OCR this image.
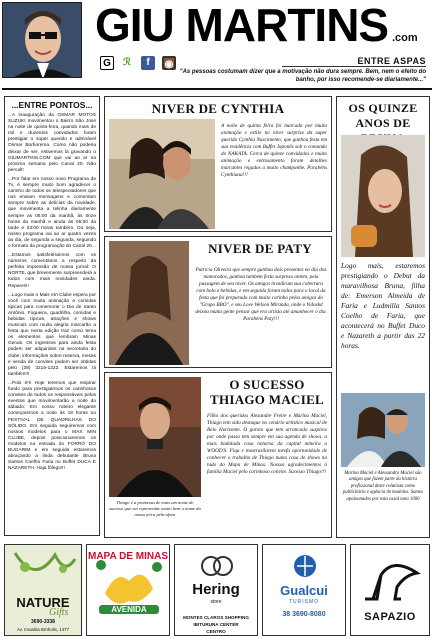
GIU MARTINS .com
G	ℛ	f	◉	ENTRE ASPAS
"As pessoas costumam dizer que a motivação não dura sempre. Bem, nem o efeito do banho, por isso recomende-se diariamente..."
...ENTRE PONTOS...

...A inauguração da OSMAR MOTOS SUZUKI movimentou o Bairro São José na noite de quinta-feira, quando mais de mil e duzentos convidados foram prestigiar o super querido e admirável Osmar Borborema. Como não poderia deixar de ser, estivemos lá gravando o GIUMARTINS.COM que vai ao ar na próxima semana pelo Canal 20. Não percal!!

...Por falar em nosso novo Programa de Tv, é sempre muito bom agradecer o carinho de todos os telespectadores que nos enviam mensagens e comentam sempre sobre as delícias da novidade, que movimenta a telinha diariamente sempre as 05:00 da manhã, às 0nze horas da manhã e ainda às 05:00 da tarde e 23:00 horas também. Ou seja, nosso programa vai ao ar quatro vezes ao dia, de segunda a segunda, seguindo o formato da programação do Canal 20...

...Estamos satisfeitíssimos com os números comentários a respeito da perfeita impressão de nossa jornal: O NORTE, que brevemente surpreenderá a todos com mais novidades ainda. Reparei!!!

...Logo mais o Mais em Clube espera por você com muita animação e comidas típicas para comemorar o Dia de Santo Antônio. Fogueira, quadrilha, comidas e bebidas típicas, atrações e shows musicais com muita alegria marcarão a festa que nesta edição traz como tema os elementos que lembram Minas Gerais. Os ingressos para ainda festa podem ser adquiridos na secretaria do clube; informações sobre reserva, mesas e venda de convites podem ser obtidas pelo (38) 3215-1222. Estaremos lá também!!!

...Pois é!!! Hoje teremos que respirar fundo para prestigiarmos os carinhosos convites de todos os responsáveis pelos eventos que movimentarão a noite do sábado: Em nosso roteiro elegante começaremos a noite às 18 horas no FESTIVAL DE QUADRILHAS DO SÓLIDO. Em seguida seguiremos com nossos modelos para o MAX MIN CLUBE, depois posicionaremos os modelos na entrada do FORRÓ DO BUGARIM e em seguida estaremos abraçando a linda debutante Bruna Santos Coelho Faria no Buffet DUCA E NAZARETH. Haja fôlego!!!

NIVER DE CYNTHIA
A noite de quinta feira foi marcada por muita animação e estilo no niver surprise da super querida Cynthia Nascimento, que ganhou festa em sua residência com Buffet Japonês sob o comando do NAKATA. Cerca de quinze convidados e muita animação e entrosamento foram detalhes marcantes regados a muito champanhe. Parabéns Cynthiaaa!!!
NIVER DE PATY
Patrícia Oliveira que sempre ganhou dois presentes no dia dos namorados, ganhou também festa surpresa ontem, pela passagem de seu niver. Os amigos invadiram sua cobertura com bolo e bebidas, e em seguida foram todos para o local da festa que foi preparado com muito carinho pelos amigos do "Grupo BBO", e seu Love Welson Miranda, onde o Yidoskd deixou muita gente pensar que era artista até amanhecer o dia. Parabéns Paty!!!
Thiago é a promessa de mais um nome de sucesso que vai representar muito bem o nome da nossa terra pela afora
O SUCESSO THIAGO MACIEL
Filho dos queridos Alexandre Freire e Marina Maciel, Thiago tem sido destaque no cenário artístico musical de Belo Horizonte. O garoto que tem arrancado suspiros por onde passa tem sempre em sua agenda de shows, a mais badalada casa noturna da capital mineira a WOOD'S. Fiqu e mostrasilarem tarefa oportunidade de conhecer o trabalho de Thiago numa casa de shows na lado do Mapa de Minas. Nossos agradecimentos à família Maciel pelo carinhoso convite. Sucesso Thiago!!!
OS QUINZE ANOS DE
Logo mais, estaremos prestigiando o Debut da maravilhosa Bruna, filha de: Emerson Almeida de Faria e Ludmilla Santos Coelho de Faria, que acontecerá no Buffet Duco e Nazareth a partir das 22 horas.
Marina Maciel e Alessandro Maciel são amigos que fazem parte da história profissional deste colunista como publicitário e agência de modelos. Somos apaixonados por esta casal nota 1000
NATURE
Gifts
3690-3338
Av. Imoalira Brnholis, 1477
MAPA DE MINAS
AVENIDA
Hering
store
MONTES CLAROS SHOPPING
IBITURUNA CENTER
CENTRO
Gualcui
TURISMO
38 3690-8080	SAPAZIO
